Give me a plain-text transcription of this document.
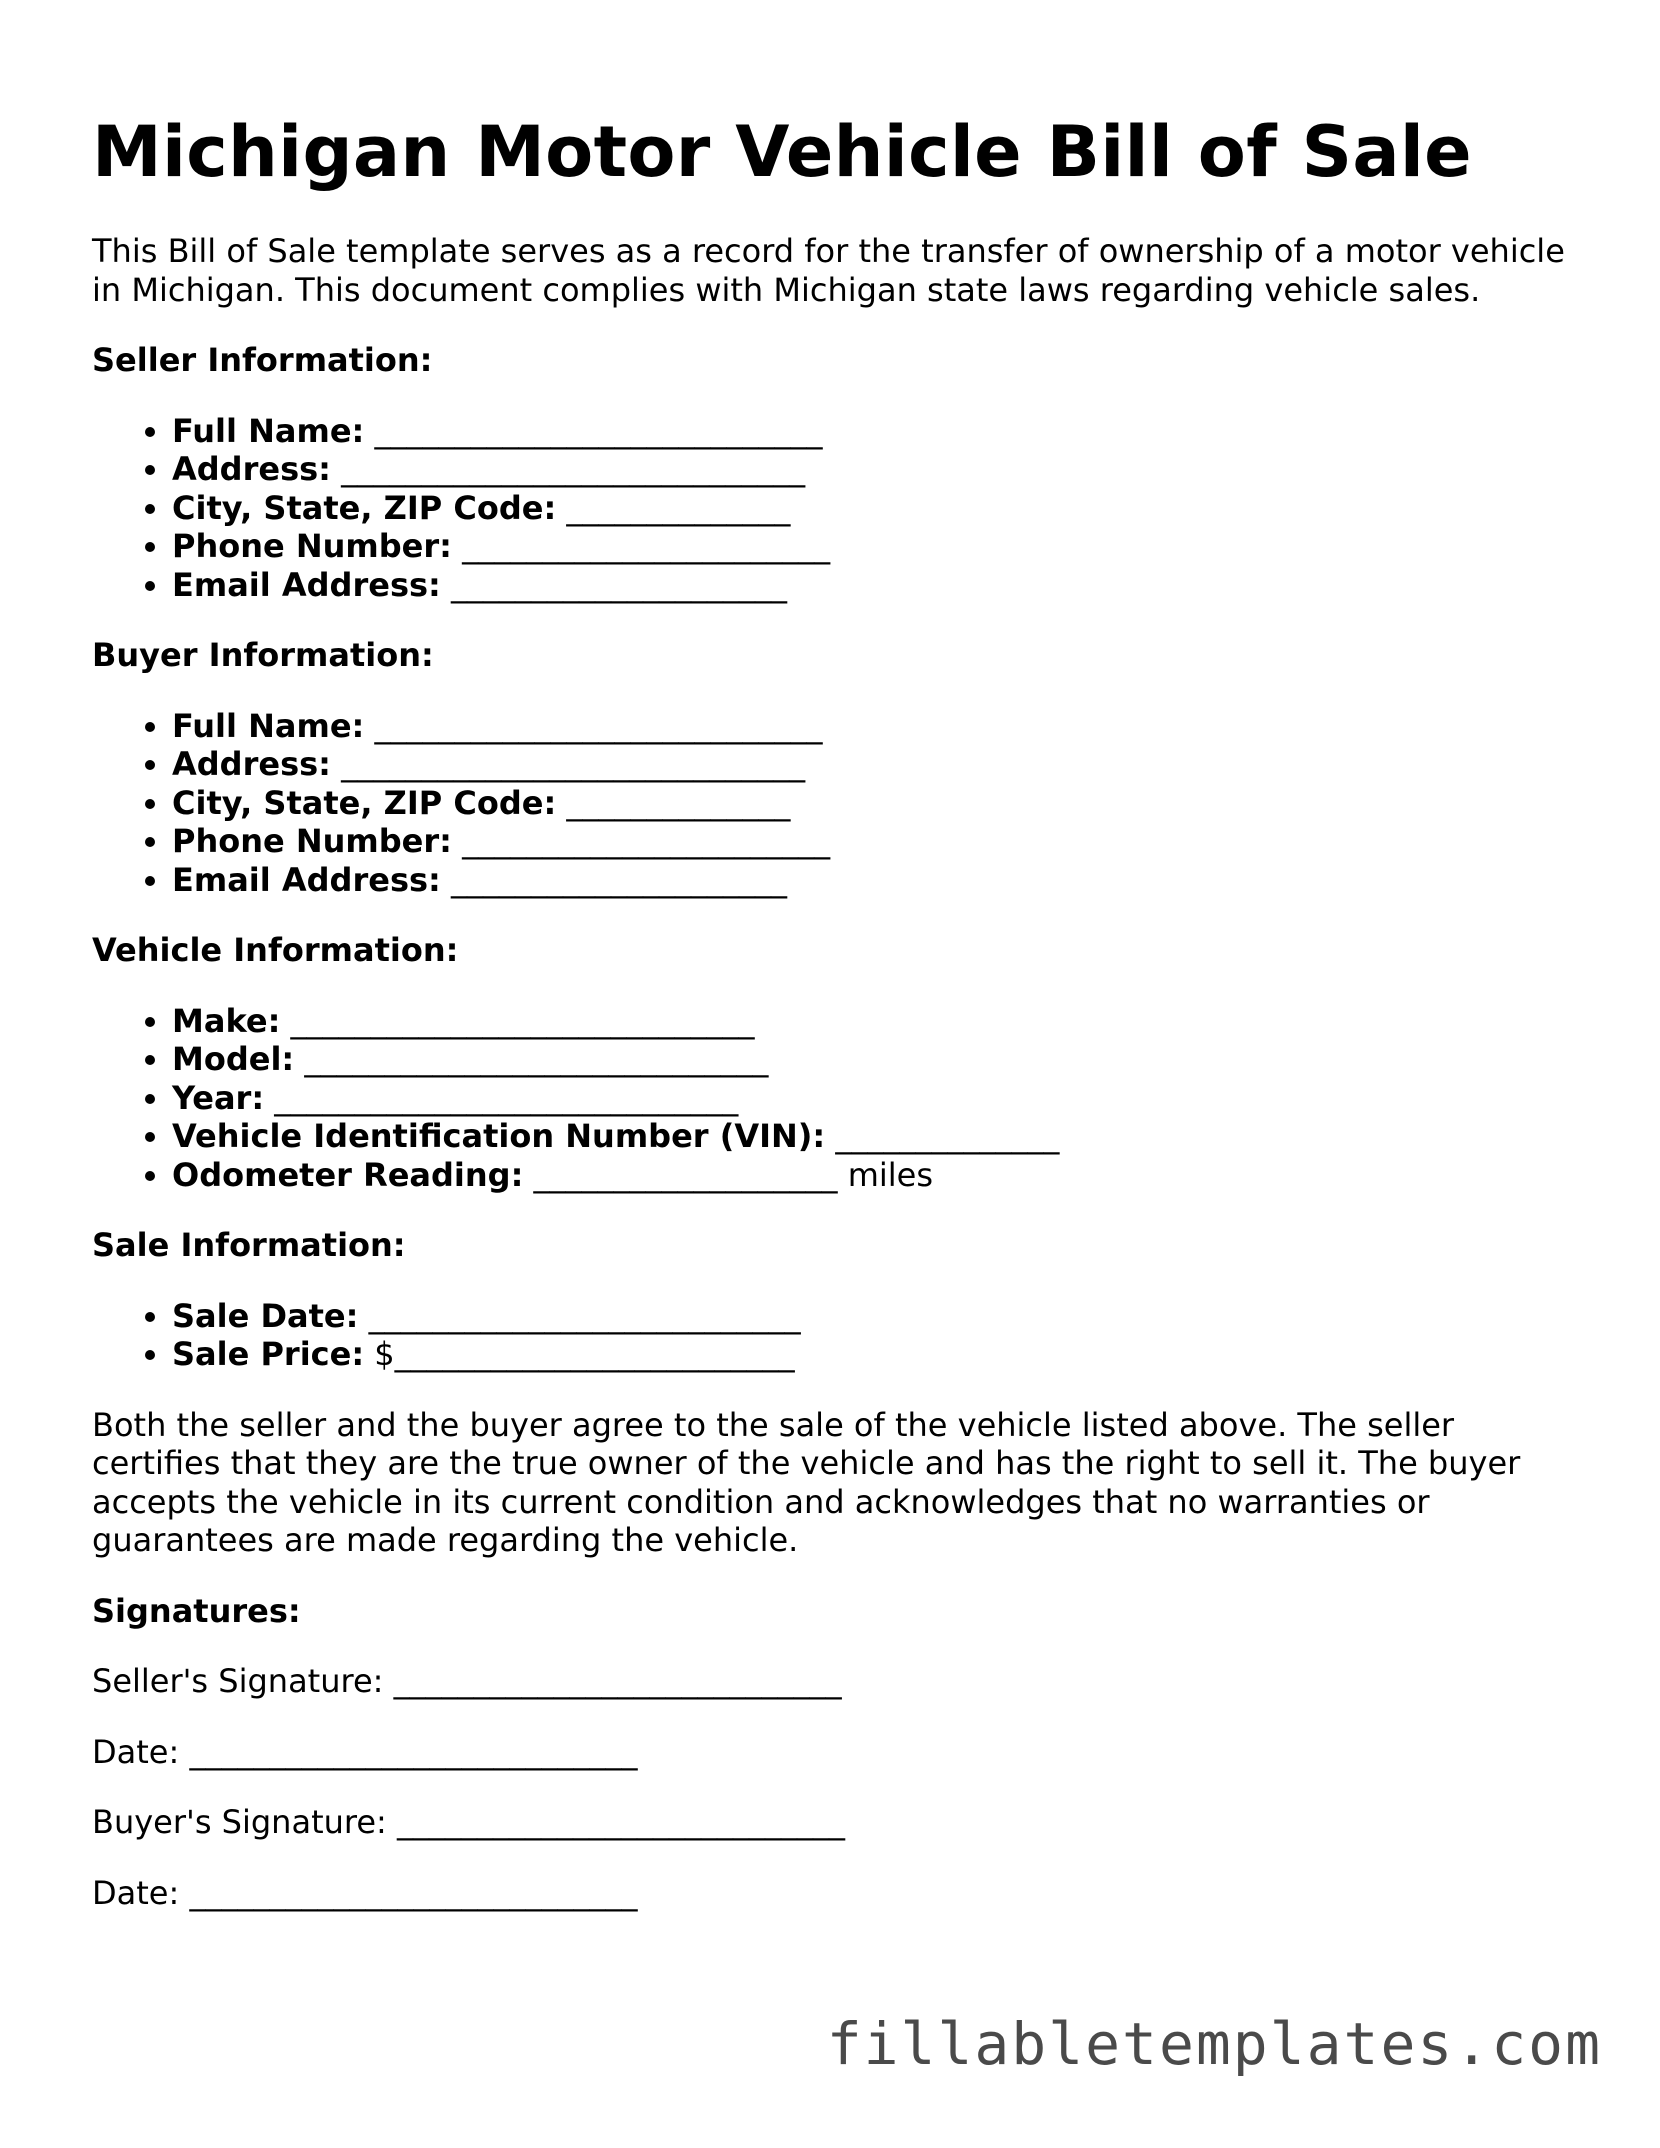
Michigan Motor Vehicle Bill of Sale

This Bill of Sale template serves as a record for the transfer of ownership of a motor vehicle in Michigan. This document complies with Michigan state laws regarding vehicle sales.

Seller Information:
• Full Name: ____________________________
• Address: _____________________________
• City, State, ZIP Code: ______________
• Phone Number: _______________________
• Email Address: _____________________
Buyer Information:
• Full Name: ____________________________
• Address: _____________________________
• City, State, ZIP Code: ______________
• Phone Number: _______________________
• Email Address: _____________________
Vehicle Information:
• Make: _____________________________
• Model: _____________________________
• Year: _____________________________
• Vehicle Identification Number (VIN): ______________
• Odometer Reading: ___________________ miles
Sale Information:
• Sale Date: ___________________________
• Sale Price: $_________________________

Both the seller and the buyer agree to the sale of the vehicle listed above. The seller certifies that they are the true owner of the vehicle and has the right to sell it. The buyer accepts the vehicle in its current condition and acknowledges that no warranties or guarantees are made regarding the vehicle.

Signatures:

Seller's Signature: ____________________________

Date: ____________________________

Buyer's Signature: ____________________________

Date: ____________________________

fillabletemplates.com
